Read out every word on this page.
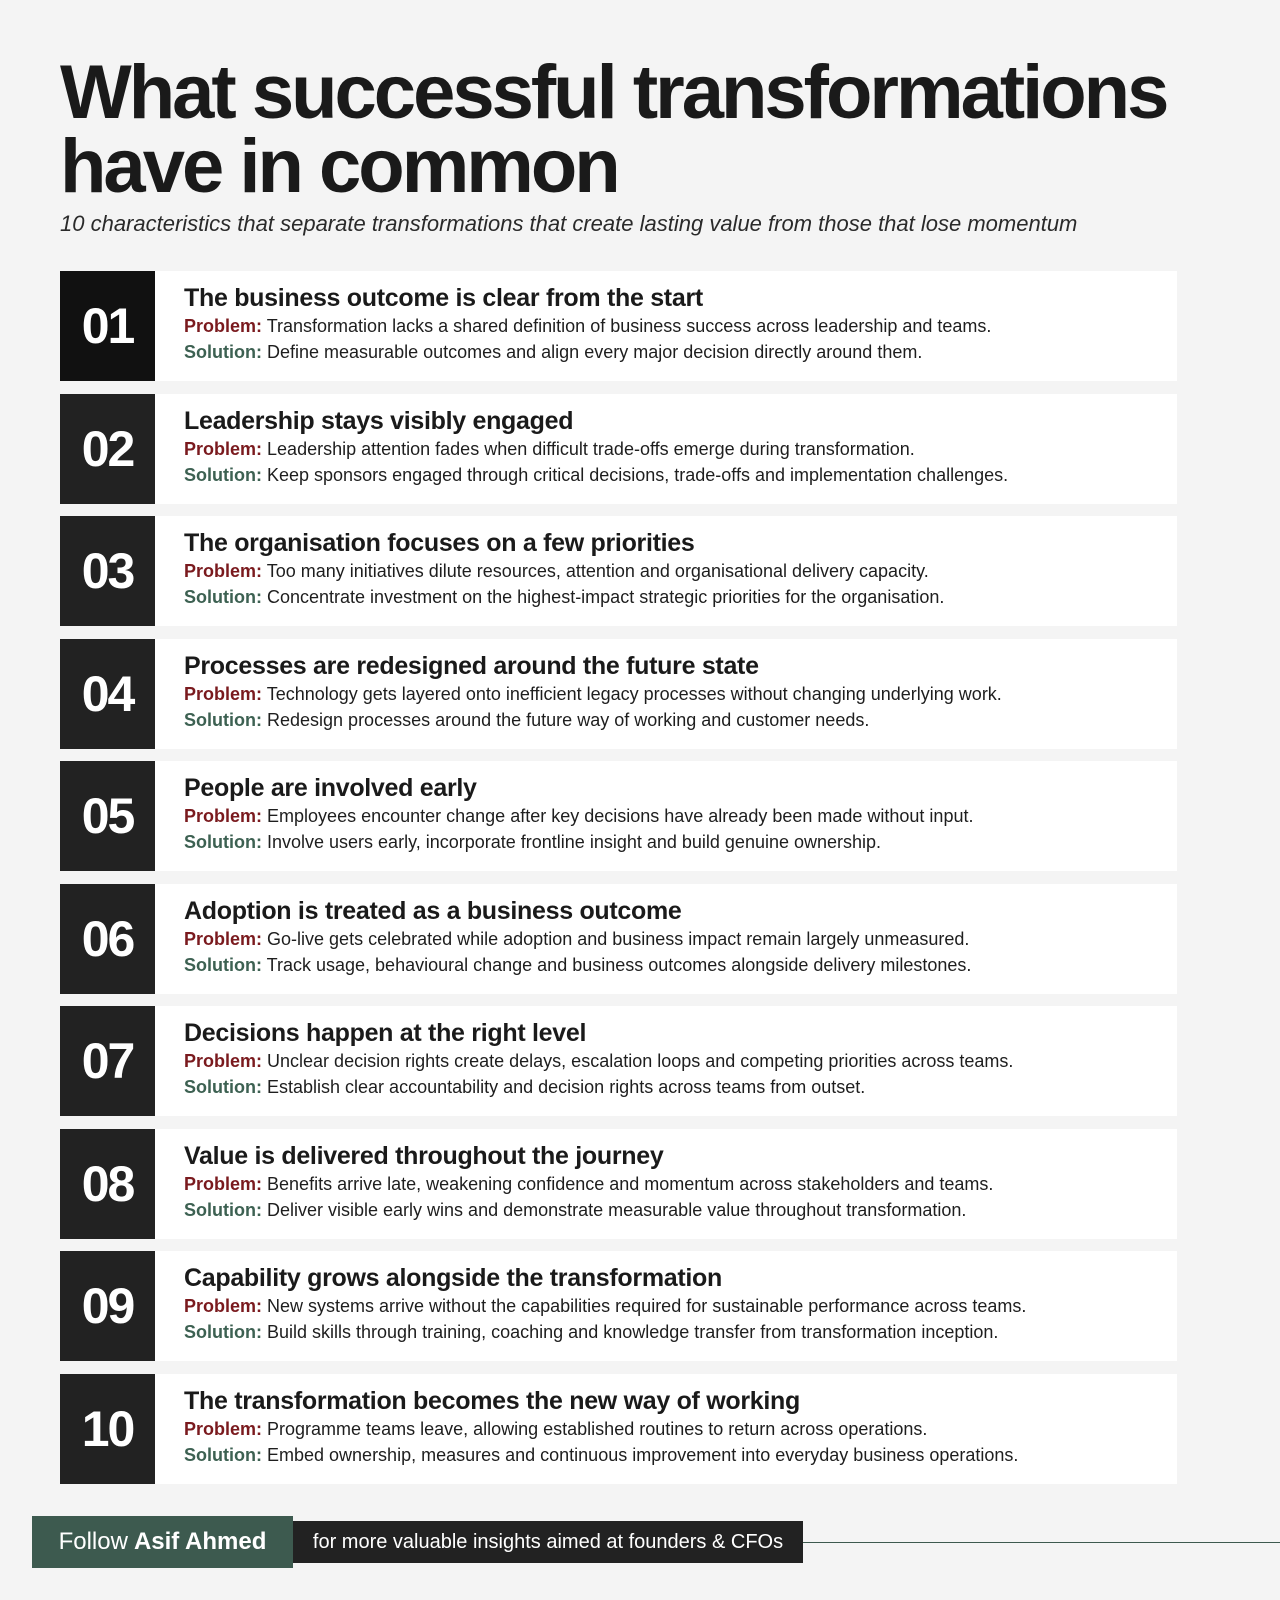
What successful transformations have in common

10 characteristics that separate transformations that create lasting value from those that lose momentum

01	The business outcome is clear from the start
Problem: Transformation lacks a shared definition of business success across leadership and teams.
Solution: Define measurable outcomes and align every major decision directly around them.
02	Leadership stays visibly engaged
Problem: Leadership attention fades when difficult trade-offs emerge during transformation.
Solution: Keep sponsors engaged through critical decisions, trade-offs and implementation challenges.
03	The organisation focuses on a few priorities
Problem: Too many initiatives dilute resources, attention and organisational delivery capacity.
Solution: Concentrate investment on the highest-impact strategic priorities for the organisation.
04	Processes are redesigned around the future state
Problem: Technology gets layered onto inefficient legacy processes without changing underlying work.
Solution: Redesign processes around the future way of working and customer needs.
05	People are involved early
Problem: Employees encounter change after key decisions have already been made without input.
Solution: Involve users early, incorporate frontline insight and build genuine ownership.
06	Adoption is treated as a business outcome
Problem: Go-live gets celebrated while adoption and business impact remain largely unmeasured.
Solution: Track usage, behavioural change and business outcomes alongside delivery milestones.
07	Decisions happen at the right level
Problem: Unclear decision rights create delays, escalation loops and competing priorities across teams.
Solution: Establish clear accountability and decision rights across teams from outset.
08	Value is delivered throughout the journey
Problem: Benefits arrive late, weakening confidence and momentum across stakeholders and teams.
Solution: Deliver visible early wins and demonstrate measurable value throughout transformation.
09	Capability grows alongside the transformation
Problem: New systems arrive without the capabilities required for sustainable performance across teams.
Solution: Build skills through training, coaching and knowledge transfer from transformation inception.
10	The transformation becomes the new way of working
Problem: Programme teams leave, allowing established routines to return across operations.
Solution: Embed ownership, measures and continuous improvement into everyday business operations.
Follow Asif Ahmed	for more valuable insights aimed at founders & CFOs
